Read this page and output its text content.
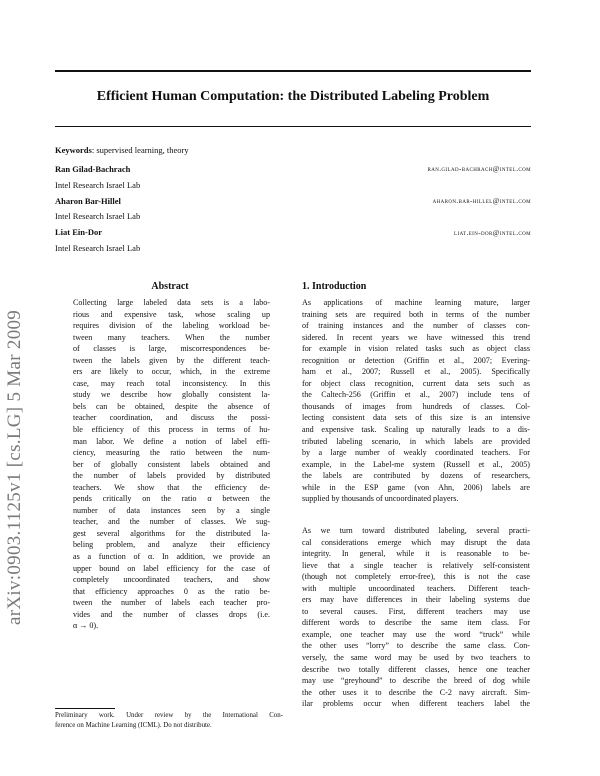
Efficient Human Computation: the Distributed Labeling Problem
Keywords: supervised learning, theory
Ran Gilad-Bachrach	ran.gilad-bachrach@intel.com
Intel Research Israel Lab
Aharon Bar-Hillel	aharon.bar-hillel@intel.com
Intel Research Israel Lab
Liat Ein-Dor	liat.ein-dor@intel.com
Intel Research Israel Lab
arXiv:0903.1125v1 [cs.LG] 5 Mar 2009
Abstract
Collecting large labeled data sets is a labo-
rious and expensive task, whose scaling up
requires division of the labeling workload be-
tween many teachers. When the number
of classes is large, miscorrespondences be-
tween the labels given by the different teach-
ers are likely to occur, which, in the extreme
case, may reach total inconsistency. In this
study we describe how globally consistent la-
bels can be obtained, despite the absence of
teacher coordination, and discuss the possi-
ble efficiency of this process in terms of hu-
man labor. We define a notion of label effi-
ciency, measuring the ratio between the num-
ber of globally consistent labels obtained and
the number of labels provided by distributed
teachers. We show that the efficiency de-
pends critically on the ratio α between the
number of data instances seen by a single
teacher, and the number of classes. We sug-
gest several algorithms for the distributed la-
beling problem, and analyze their efficiency
as a function of α. In addition, we provide an
upper bound on label efficiency for the case of
completely uncoordinated teachers, and show
that efficiency approaches 0 as the ratio be-
tween the number of labels each teacher pro-
vides and the number of classes drops (i.e.
α → 0).
1. Introduction
As applications of machine learning mature, larger
training sets are required both in terms of the number
of training instances and the number of classes con-
sidered. In recent years we have witnessed this trend
for example in vision related tasks such as object class
recognition or detection (Griffin et al., 2007; Evering-
ham et al., 2007; Russell et al., 2005). Specifically
for object class recognition, current data sets such as
the Caltech-256 (Griffin et al., 2007) include tens of
thousands of images from hundreds of classes. Col-
lecting consistent data sets of this size is an intensive
and expensive task. Scaling up naturally leads to a dis-
tributed labeling scenario, in which labels are provided
by a large number of weakly coordinated teachers. For
example, in the Label-me system (Russell et al., 2005)
the labels are contributed by dozens of researchers,
while in the ESP game (von Ahn, 2006) labels are
supplied by thousands of uncoordinated players.
As we turn toward distributed labeling, several practi-
cal considerations emerge which may disrupt the data
integrity. In general, while it is reasonable to be-
lieve that a single teacher is relatively self-consistent
(though not completely error-free), this is not the case
with multiple uncoordinated teachers. Different teach-
ers may have differences in their labeling systems due
to several causes. First, different teachers may use
different words to describe the same item class. For
example, one teacher may use the word “truck” while
the other uses “lorry” to describe the same class. Con-
versely, the same word may be used by two teachers to
describe two totally different classes, hence one teacher
may use “greyhound” to describe the breed of dog while
the other uses it to describe the C-2 navy aircraft. Sim-
ilar problems occur when different teachers label the
Preliminary work. Under review by the International Con-
ference on Machine Learning (ICML). Do not distribute.
